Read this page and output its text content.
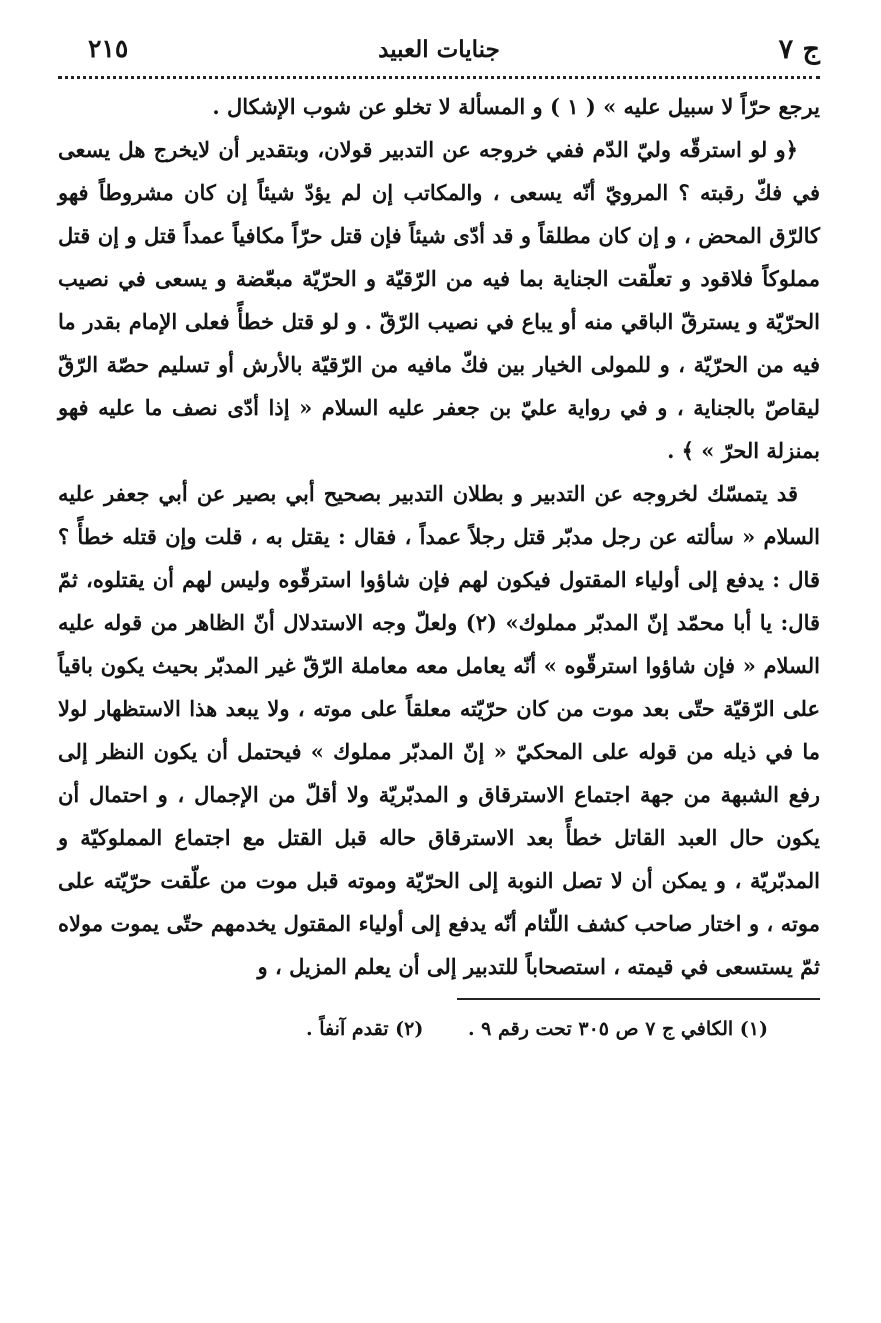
ج ٧
جنايات العبيد
٢١٥

يرجع حرّاً لا سبيل عليه » ( ١ ) و المسألة لا تخلو عن شوب الإشكال .

﴿و لو استرقّه وليّ الدّم ففي خروجه عن التدبير قولان، وبتقدير أن لايخرج هل يسعى في فكّ رقبته ؟ المرويّ أنّه يسعى ، والمكاتب إن لم يؤدّ شيئاً إن كان مشروطاً فهو كالرّق المحض ، و إن كان مطلقاً و قد أدّى شيئاً فإن قتل حرّاً مكافياً عمداً قتل و إن قتل مملوكاً فلاقود و تعلّقت الجناية بما فيه من الرّقيّة و الحرّيّة مبعّضة و يسعى في نصيب الحرّيّة و يسترقّ الباقي منه أو يباع في نصيب الرّقّ . و لو قتل خطأً فعلى الإمام بقدر ما فيه من الحرّيّة ، و للمولى الخيار بين فكّ مافيه من الرّقيّة بالأرش أو تسليم حصّة الرّقّ ليقاصّ بالجناية ، و في رواية عليّ بن جعفر عليه السلام « إذا أدّى نصف ما عليه فهو بمنزلة الحرّ » ﴾ .

قد يتمسّك لخروجه عن التدبير و بطلان التدبير بصحيح أبي بصير عن أبي جعفر عليه السلام « سألته عن رجل مدبّر قتل رجلاً عمداً ، فقال : يقتل به ، قلت وإن قتله خطأً ؟ قال : يدفع إلى أولياء المقتول فيكون لهم فإن شاؤوا استرقّوه وليس لهم أن يقتلوه، ثمّ قال: يا أبا محمّد إنّ المدبّر مملوك» (٢) ولعلّ وجه الاستدلال أنّ الظاهر من قوله عليه السلام « فإن شاؤوا استرقّوه » أنّه يعامل معه معاملة الرّقّ غير المدبّر بحيث يكون باقياً على الرّقيّة حتّى بعد موت من كان حرّيّته معلقاً على موته ، ولا يبعد هذا الاستظهار لولا ما في ذيله من قوله على المحكيّ « إنّ المدبّر مملوك » فيحتمل أن يكون النظر إلى رفع الشبهة من جهة اجتماع الاسترقاق و المدبّريّة ولا أقلّ من الإجمال ، و احتمال أن يكون حال العبد القاتل خطأً بعد الاسترقاق حاله قبل القتل مع اجتماع المملوكيّة و المدبّريّة ، و يمكن أن لا تصل النوبة إلى الحرّيّة وموته قبل موت من علّقت حرّيّته على موته ، و اختار صاحب كشف اللّثام أنّه يدفع إلى أولياء المقتول يخدمهم حتّى يموت مولاه ثمّ يستسعى في قيمته ، استصحاباً للتدبير إلى أن يعلم المزيل ، و

(١) الكافي ج ٧ ص ٣٠٥ تحت رقم ٩ . (٢) تقدم آنفاً .
